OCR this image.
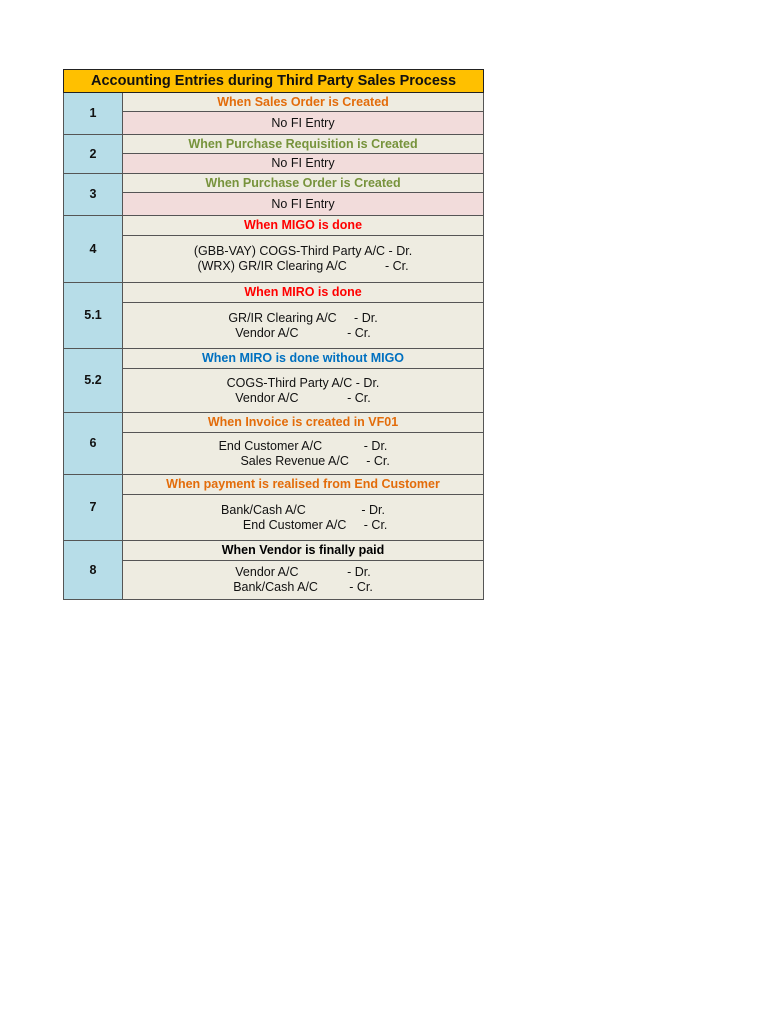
Accounting Entries during Third Party Sales Process	
1	When Sales Order is Created

	No FI Entry

2	When Purchase Requisition is Created

	No FI Entry

3	When Purchase Order is Created

	No FI Entry

4	When MIGO is done

	(GBB-VAY) COGS-Third Party A/C - Dr.
(WRX) GR/IR Clearing A/C           - Cr.

5.1	When MIRO is done

	GR/IR Clearing A/C     - Dr.
Vendor A/C              - Cr.

5.2	When MIRO is done without MIGO

	COGS-Third Party A/C - Dr.
Vendor A/C              - Cr.

6	When Invoice is created in VF01

	End Customer A/C            - Dr.
Sales Revenue A/C     - Cr.

7	When payment is realised from End Customer

	Bank/Cash A/C                - Dr.
End Customer A/C     - Cr.

8	When Vendor is finally paid

	Vendor A/C              - Dr.
Bank/Cash A/C         - Cr.
